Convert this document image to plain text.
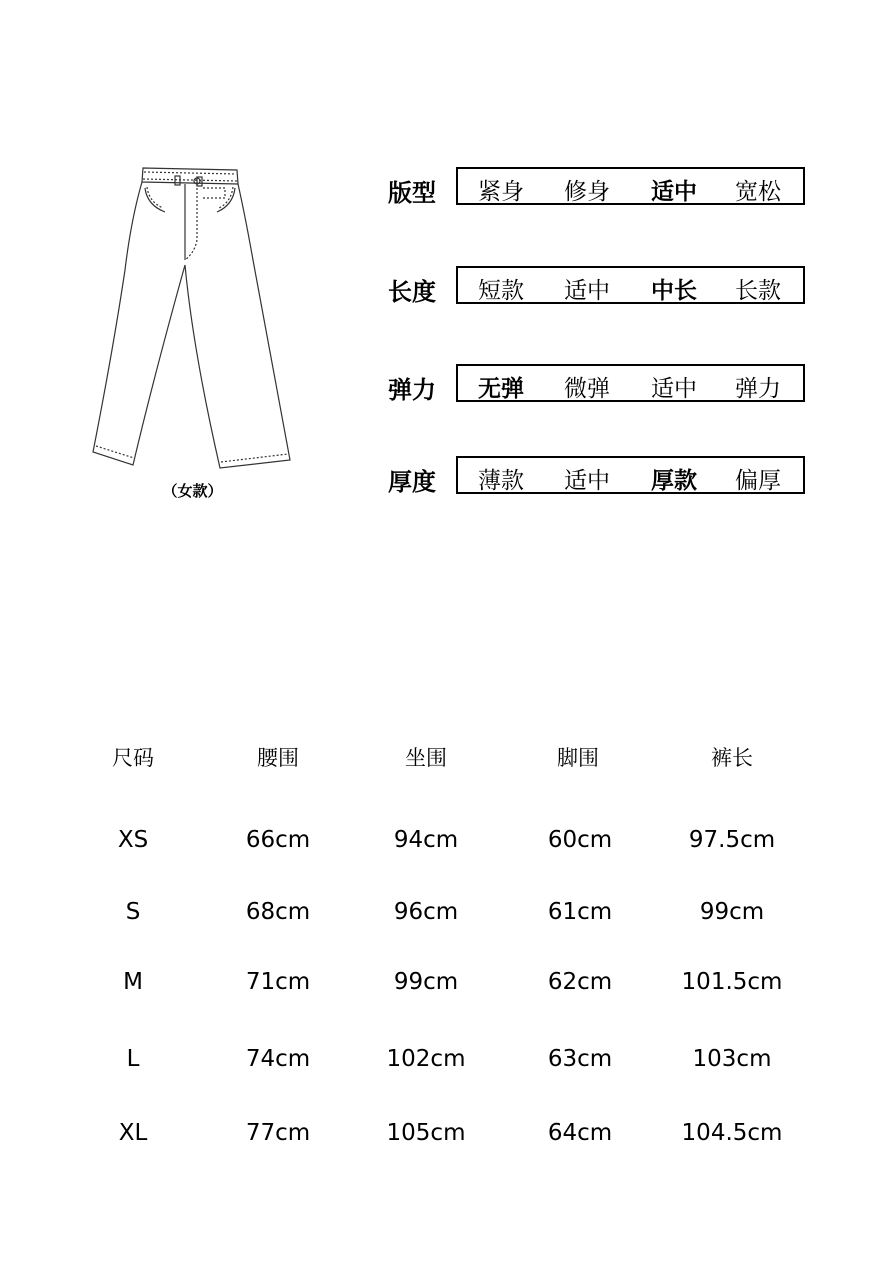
（女款）
版型 紧身 修身 适中 宽松
长度 短款 适中 中长 长款
弹力 无弹 微弹 适中 弹力
厚度 薄款 适中 厚款 偏厚
尺码	腰围	坐围	脚围	裤长
XS	66cm	94cm	60cm	97.5cm
S	68cm	96cm	61cm	99cm
M	71cm	99cm	62cm	101.5cm
L	74cm	102cm	63cm	103cm
XL	77cm	105cm	64cm	104.5cm
